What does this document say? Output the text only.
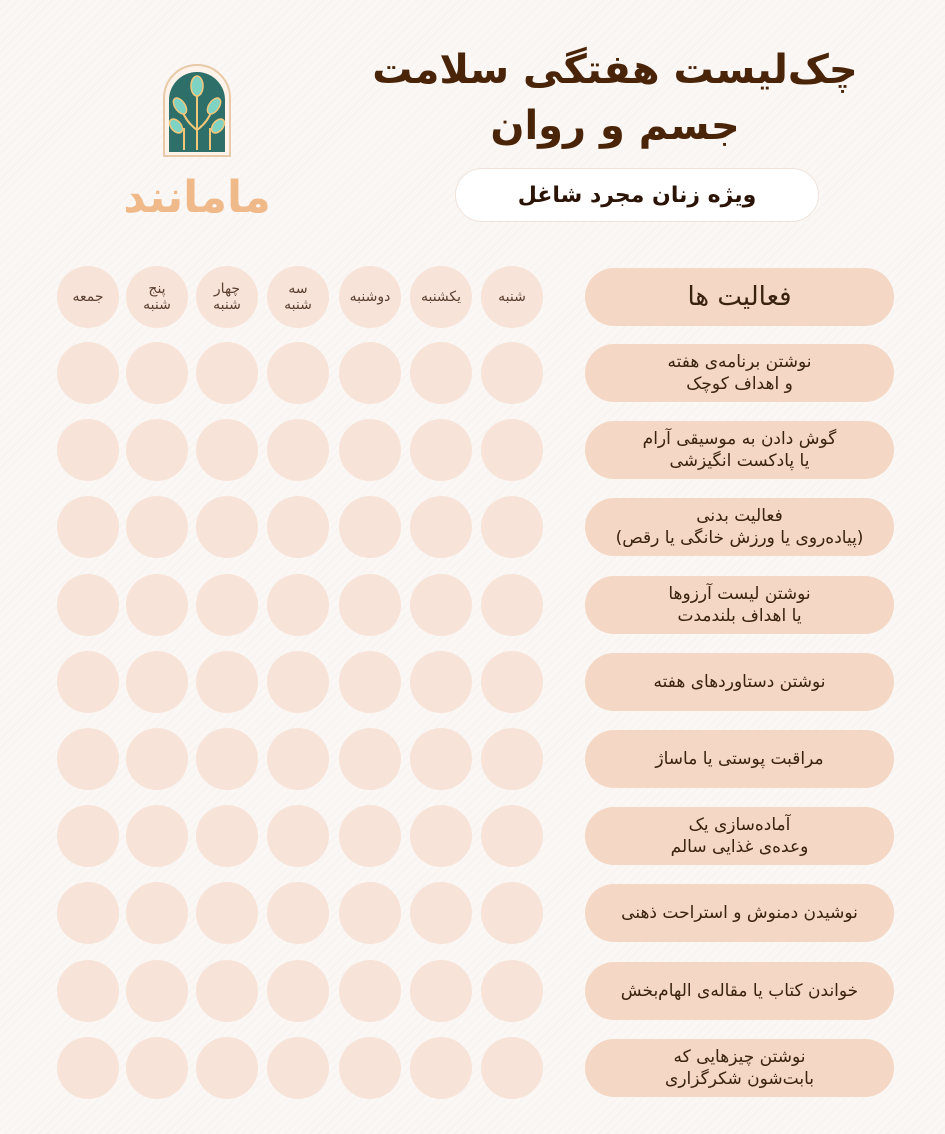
چک‌لیست هفتگی سلامت
جسم و روان
ویژه زنان مجرد شاغل
مامانند
فعالیت ها
شنبه
یکشنبه
دوشنبه
سه
شنبه
چهار
شنبه
پنج
شنبه
جمعه
نوشتن برنامه‌ی هفته
و اهداف کوچک
گوش دادن به موسیقی آرام
یا پادکست انگیزشی
فعالیت بدنی
(پیاده‌روی یا ورزش خانگی یا رقص)
نوشتن لیست آرزوها
یا اهداف بلندمدت
نوشتن دستاوردهای هفته
مراقبت پوستی یا ماساژ
آماده‌سازی یک
وعده‌ی غذایی سالم
نوشیدن دمنوش و استراحت ذهنی
خواندن کتاب یا مقاله‌ی الهام‌بخش
نوشتن چیزهایی که
بابت‌شون شکرگزاری
